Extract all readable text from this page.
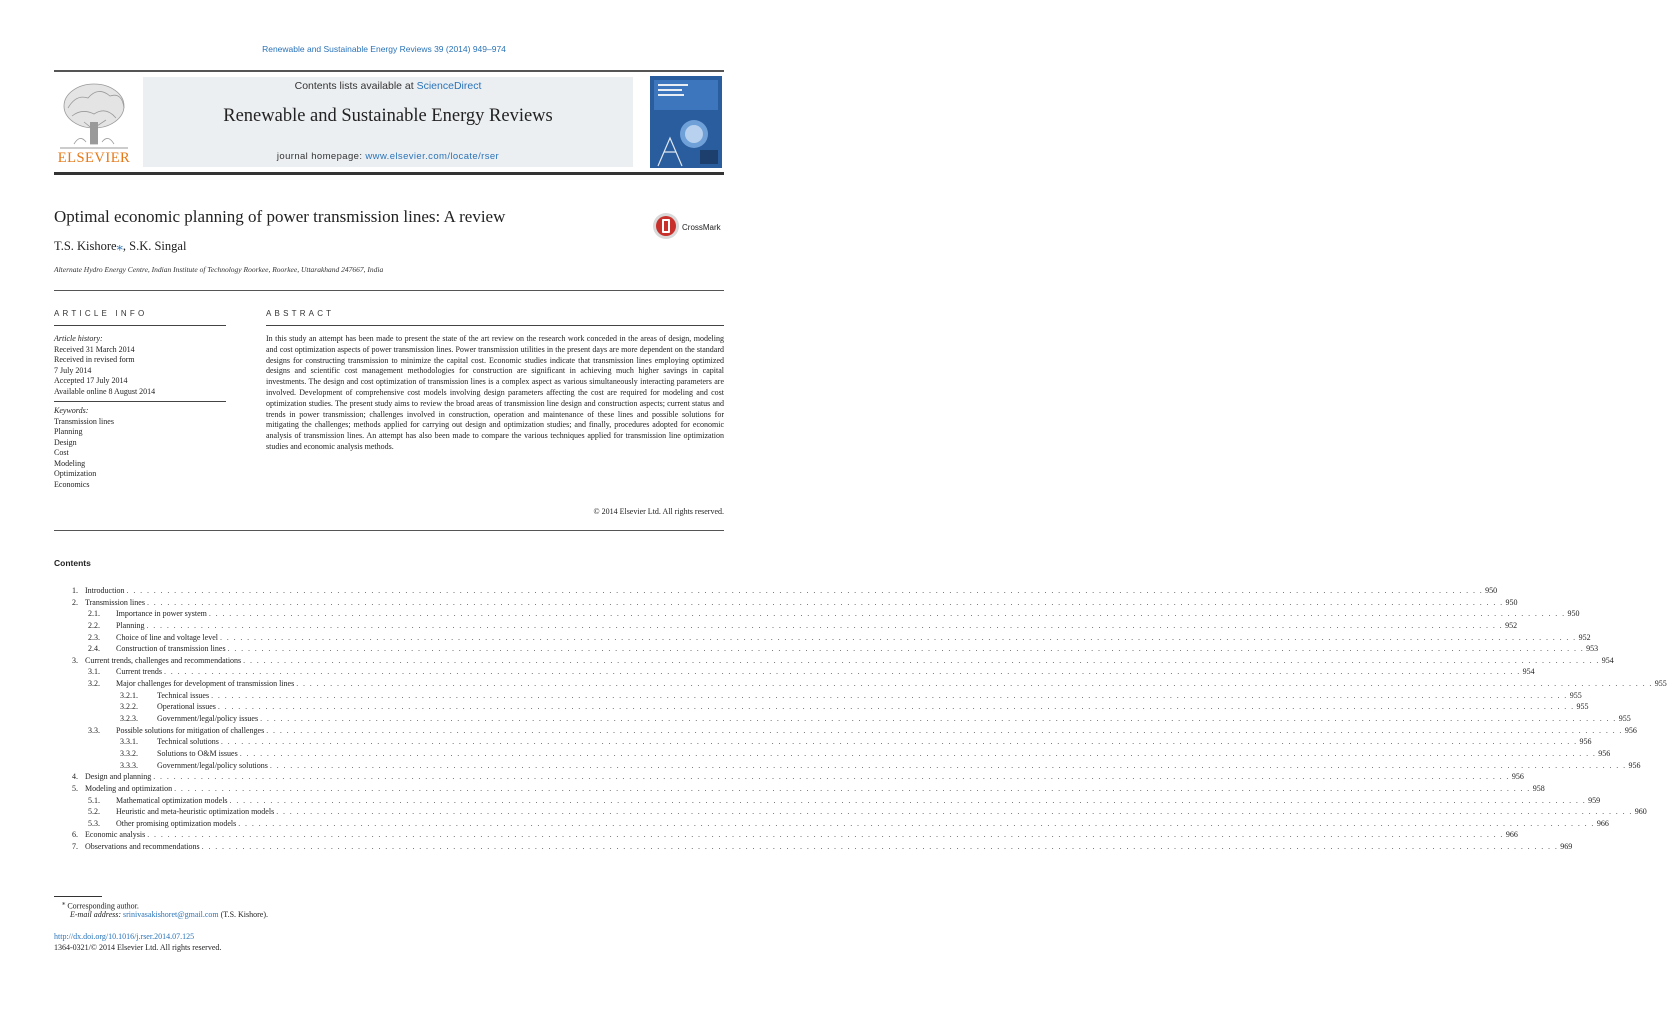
Renewable and Sustainable Energy Reviews 39 (2014) 949–974
ELSEVIER
Contents lists available at ScienceDirect
Renewable and Sustainable Energy Reviews
journal homepage: www.elsevier.com/locate/rser
Optimal economic planning of power transmission lines: A review
CrossMark
T.S. Kishore⁎, S.K. Singal
Alternate Hydro Energy Centre, Indian Institute of Technology Roorkee, Roorkee, Uttarakhand 247667, India
ARTICLE INFO	ABSTRACT
Article history:
Received 31 March 2014
Received in revised form
7 July 2014
Accepted 17 July 2014
Available online 8 August 2014
Keywords:
Transmission lines
Planning
Design
Cost
Modeling
Optimization
Economics
In this study an attempt has been made to present the state of the art review on the research work conceded in the areas of design, modeling and cost optimization aspects of power transmission lines. Power transmission utilities in the present days are more dependent on the standard designs for constructing transmission to minimize the capital cost. Economic studies indicate that transmission lines employing optimized designs and scientific cost management methodologies for construction are significant in achieving much higher savings in capital investments. The design and cost optimization of transmission lines is a complex aspect as various simultaneously interacting parameters are involved. Development of comprehensive cost models involving design parameters affecting the cost are required for modeling and cost optimization studies. The present study aims to review the broad areas of transmission line design and construction aspects; current status and trends in power transmission; challenges involved in construction, operation and maintenance of these lines and possible solutions for mitigating the challenges; methods applied for carrying out design and optimization studies; and finally, procedures adopted for economic analysis of transmission lines. An attempt has also been made to compare the various techniques applied for transmission line optimization studies and economic analysis methods.
© 2014 Elsevier Ltd. All rights reserved.
Contents
1. Introduction . . . . . . . . . . . . . . . . . . . . . . . . . . . . . . . . . . . . . . . . . . . . . . . . . . . . . . . . . . . . . . . . . . . . . . . . . . . . . . . . . . . . . . . . . . . . . . . . . . . . . . . . . . . . . . . . . . . . . . . . . . . . . . . . . . . . . . . . . . . . . . . . . . . . . . . . . . . . . . . . . . . . . . . . . . . . . . . . . . . . . . . . . . . . . . . . . . . . . . . . 950
2. Transmission lines . . . . . . . . . . . . . . . . . . . . . . . . . . . . . . . . . . . . . . . . . . . . . . . . . . . . . . . . . . . . . . . . . . . . . . . . . . . . . . . . . . . . . . . . . . . . . . . . . . . . . . . . . . . . . . . . . . . . . . . . . . . . . . . . . . . . . . . . . . . . . . . . . . . . . . . . . . . . . . . . . . . . . . . . . . . . . . . . . . . . . . . . . . . . . . . . . . . . . . . . 950
2.1. Importance in power system . . . . . . . . . . . . . . . . . . . . . . . . . . . . . . . . . . . . . . . . . . . . . . . . . . . . . . . . . . . . . . . . . . . . . . . . . . . . . . . . . . . . . . . . . . . . . . . . . . . . . . . . . . . . . . . . . . . . . . . . . . . . . . . . . . . . . . . . . . . . . . . . . . . . . . . . . . . . . . . . . . . . . . . . . . . . . . . . . . . . . . . . . . . . . . . . . . . . . . . . 950
2.2. Planning . . . . . . . . . . . . . . . . . . . . . . . . . . . . . . . . . . . . . . . . . . . . . . . . . . . . . . . . . . . . . . . . . . . . . . . . . . . . . . . . . . . . . . . . . . . . . . . . . . . . . . . . . . . . . . . . . . . . . . . . . . . . . . . . . . . . . . . . . . . . . . . . . . . . . . . . . . . . . . . . . . . . . . . . . . . . . . . . . . . . . . . . . . . . . . . . . . . . . . . . 952
2.3. Choice of line and voltage level . . . . . . . . . . . . . . . . . . . . . . . . . . . . . . . . . . . . . . . . . . . . . . . . . . . . . . . . . . . . . . . . . . . . . . . . . . . . . . . . . . . . . . . . . . . . . . . . . . . . . . . . . . . . . . . . . . . . . . . . . . . . . . . . . . . . . . . . . . . . . . . . . . . . . . . . . . . . . . . . . . . . . . . . . . . . . . . . . . . . . . . . . . . . . . . . . . . . . . . . 952
2.4. Construction of transmission lines . . . . . . . . . . . . . . . . . . . . . . . . . . . . . . . . . . . . . . . . . . . . . . . . . . . . . . . . . . . . . . . . . . . . . . . . . . . . . . . . . . . . . . . . . . . . . . . . . . . . . . . . . . . . . . . . . . . . . . . . . . . . . . . . . . . . . . . . . . . . . . . . . . . . . . . . . . . . . . . . . . . . . . . . . . . . . . . . . . . . . . . . . . . . . . . . . . . . . . . . 953
3. Current trends, challenges and recommendations . . . . . . . . . . . . . . . . . . . . . . . . . . . . . . . . . . . . . . . . . . . . . . . . . . . . . . . . . . . . . . . . . . . . . . . . . . . . . . . . . . . . . . . . . . . . . . . . . . . . . . . . . . . . . . . . . . . . . . . . . . . . . . . . . . . . . . . . . . . . . . . . . . . . . . . . . . . . . . . . . . . . . . . . . . . . . . . . . . . . . . . . . . . . . . . . . . . . . . . . 954
3.1. Current trends . . . . . . . . . . . . . . . . . . . . . . . . . . . . . . . . . . . . . . . . . . . . . . . . . . . . . . . . . . . . . . . . . . . . . . . . . . . . . . . . . . . . . . . . . . . . . . . . . . . . . . . . . . . . . . . . . . . . . . . . . . . . . . . . . . . . . . . . . . . . . . . . . . . . . . . . . . . . . . . . . . . . . . . . . . . . . . . . . . . . . . . . . . . . . . . . . . . . . . . . 954
3.2. Major challenges for development of transmission lines . . . . . . . . . . . . . . . . . . . . . . . . . . . . . . . . . . . . . . . . . . . . . . . . . . . . . . . . . . . . . . . . . . . . . . . . . . . . . . . . . . . . . . . . . . . . . . . . . . . . . . . . . . . . . . . . . . . . . . . . . . . . . . . . . . . . . . . . . . . . . . . . . . . . . . . . . . . . . . . . . . . . . . . . . . . . . . . . . . . . . . . . . . . . . . . . . . . . . . . . 955
3.2.1. Technical issues . . . . . . . . . . . . . . . . . . . . . . . . . . . . . . . . . . . . . . . . . . . . . . . . . . . . . . . . . . . . . . . . . . . . . . . . . . . . . . . . . . . . . . . . . . . . . . . . . . . . . . . . . . . . . . . . . . . . . . . . . . . . . . . . . . . . . . . . . . . . . . . . . . . . . . . . . . . . . . . . . . . . . . . . . . . . . . . . . . . . . . . . . . . . . . . . . . . . . . . . 955
3.2.2. Operational issues . . . . . . . . . . . . . . . . . . . . . . . . . . . . . . . . . . . . . . . . . . . . . . . . . . . . . . . . . . . . . . . . . . . . . . . . . . . . . . . . . . . . . . . . . . . . . . . . . . . . . . . . . . . . . . . . . . . . . . . . . . . . . . . . . . . . . . . . . . . . . . . . . . . . . . . . . . . . . . . . . . . . . . . . . . . . . . . . . . . . . . . . . . . . . . . . . . . . . . . . 955
3.2.3. Government/legal/policy issues . . . . . . . . . . . . . . . . . . . . . . . . . . . . . . . . . . . . . . . . . . . . . . . . . . . . . . . . . . . . . . . . . . . . . . . . . . . . . . . . . . . . . . . . . . . . . . . . . . . . . . . . . . . . . . . . . . . . . . . . . . . . . . . . . . . . . . . . . . . . . . . . . . . . . . . . . . . . . . . . . . . . . . . . . . . . . . . . . . . . . . . . . . . . . . . . . . . . . . . . 955
3.3. Possible solutions for mitigation of challenges . . . . . . . . . . . . . . . . . . . . . . . . . . . . . . . . . . . . . . . . . . . . . . . . . . . . . . . . . . . . . . . . . . . . . . . . . . . . . . . . . . . . . . . . . . . . . . . . . . . . . . . . . . . . . . . . . . . . . . . . . . . . . . . . . . . . . . . . . . . . . . . . . . . . . . . . . . . . . . . . . . . . . . . . . . . . . . . . . . . . . . . . . . . . . . . . . . . . . . . . 956
3.3.1. Technical solutions . . . . . . . . . . . . . . . . . . . . . . . . . . . . . . . . . . . . . . . . . . . . . . . . . . . . . . . . . . . . . . . . . . . . . . . . . . . . . . . . . . . . . . . . . . . . . . . . . . . . . . . . . . . . . . . . . . . . . . . . . . . . . . . . . . . . . . . . . . . . . . . . . . . . . . . . . . . . . . . . . . . . . . . . . . . . . . . . . . . . . . . . . . . . . . . . . . . . . . . . 956
3.3.2. Solutions to O&M issues . . . . . . . . . . . . . . . . . . . . . . . . . . . . . . . . . . . . . . . . . . . . . . . . . . . . . . . . . . . . . . . . . . . . . . . . . . . . . . . . . . . . . . . . . . . . . . . . . . . . . . . . . . . . . . . . . . . . . . . . . . . . . . . . . . . . . . . . . . . . . . . . . . . . . . . . . . . . . . . . . . . . . . . . . . . . . . . . . . . . . . . . . . . . . . . . . . . . . . . . 956
3.3.3. Government/legal/policy solutions . . . . . . . . . . . . . . . . . . . . . . . . . . . . . . . . . . . . . . . . . . . . . . . . . . . . . . . . . . . . . . . . . . . . . . . . . . . . . . . . . . . . . . . . . . . . . . . . . . . . . . . . . . . . . . . . . . . . . . . . . . . . . . . . . . . . . . . . . . . . . . . . . . . . . . . . . . . . . . . . . . . . . . . . . . . . . . . . . . . . . . . . . . . . . . . . . . . . . . . . 956
4. Design and planning . . . . . . . . . . . . . . . . . . . . . . . . . . . . . . . . . . . . . . . . . . . . . . . . . . . . . . . . . . . . . . . . . . . . . . . . . . . . . . . . . . . . . . . . . . . . . . . . . . . . . . . . . . . . . . . . . . . . . . . . . . . . . . . . . . . . . . . . . . . . . . . . . . . . . . . . . . . . . . . . . . . . . . . . . . . . . . . . . . . . . . . . . . . . . . . . . . . . . . . . 956
5. Modeling and optimization . . . . . . . . . . . . . . . . . . . . . . . . . . . . . . . . . . . . . . . . . . . . . . . . . . . . . . . . . . . . . . . . . . . . . . . . . . . . . . . . . . . . . . . . . . . . . . . . . . . . . . . . . . . . . . . . . . . . . . . . . . . . . . . . . . . . . . . . . . . . . . . . . . . . . . . . . . . . . . . . . . . . . . . . . . . . . . . . . . . . . . . . . . . . . . . . . . . . . . . . 958
5.1. Mathematical optimization models . . . . . . . . . . . . . . . . . . . . . . . . . . . . . . . . . . . . . . . . . . . . . . . . . . . . . . . . . . . . . . . . . . . . . . . . . . . . . . . . . . . . . . . . . . . . . . . . . . . . . . . . . . . . . . . . . . . . . . . . . . . . . . . . . . . . . . . . . . . . . . . . . . . . . . . . . . . . . . . . . . . . . . . . . . . . . . . . . . . . . . . . . . . . . . . . . . . . . . . . 959
5.2. Heuristic and meta-heuristic optimization models . . . . . . . . . . . . . . . . . . . . . . . . . . . . . . . . . . . . . . . . . . . . . . . . . . . . . . . . . . . . . . . . . . . . . . . . . . . . . . . . . . . . . . . . . . . . . . . . . . . . . . . . . . . . . . . . . . . . . . . . . . . . . . . . . . . . . . . . . . . . . . . . . . . . . . . . . . . . . . . . . . . . . . . . . . . . . . . . . . . . . . . . . . . . . . . . . . . . . . . . 960
5.3. Other promising optimization models . . . . . . . . . . . . . . . . . . . . . . . . . . . . . . . . . . . . . . . . . . . . . . . . . . . . . . . . . . . . . . . . . . . . . . . . . . . . . . . . . . . . . . . . . . . . . . . . . . . . . . . . . . . . . . . . . . . . . . . . . . . . . . . . . . . . . . . . . . . . . . . . . . . . . . . . . . . . . . . . . . . . . . . . . . . . . . . . . . . . . . . . . . . . . . . . . . . . . . . . 966
6. Economic analysis . . . . . . . . . . . . . . . . . . . . . . . . . . . . . . . . . . . . . . . . . . . . . . . . . . . . . . . . . . . . . . . . . . . . . . . . . . . . . . . . . . . . . . . . . . . . . . . . . . . . . . . . . . . . . . . . . . . . . . . . . . . . . . . . . . . . . . . . . . . . . . . . . . . . . . . . . . . . . . . . . . . . . . . . . . . . . . . . . . . . . . . . . . . . . . . . . . . . . . . . 966
7. Observations and recommendations . . . . . . . . . . . . . . . . . . . . . . . . . . . . . . . . . . . . . . . . . . . . . . . . . . . . . . . . . . . . . . . . . . . . . . . . . . . . . . . . . . . . . . . . . . . . . . . . . . . . . . . . . . . . . . . . . . . . . . . . . . . . . . . . . . . . . . . . . . . . . . . . . . . . . . . . . . . . . . . . . . . . . . . . . . . . . . . . . . . . . . . . . . . . . . . . . . . . . . . . 969
⁎ Corresponding author.
E-mail address: srinivasakishoret@gmail.com (T.S. Kishore).
http://dx.doi.org/10.1016/j.rser.2014.07.125
1364-0321/© 2014 Elsevier Ltd. All rights reserved.
